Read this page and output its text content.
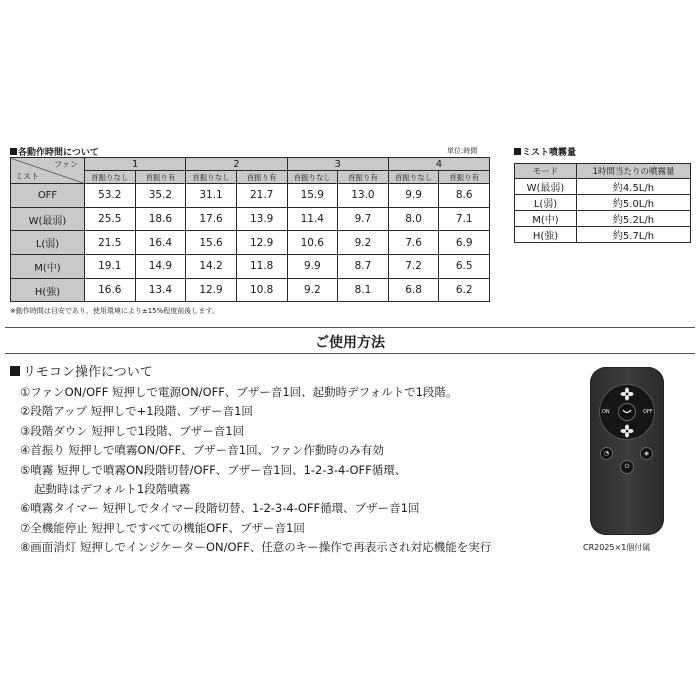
各動作時間について	単位:時間
ファン
ミスト	1		2		3		4	
	首振りなし	首振り有	首振りなし	首振り有	首振りなし	首振り有	首振りなし	首振り有
OFF	53.2	35.2	31.1	21.7	15.9	13.0	9.9	8.6
W(最弱)	25.5	18.6	17.6	13.9	11.4	9.7	8.0	7.1
L(弱)	21.5	16.4	15.6	12.9	10.6	9.2	7.6	6.9
M(中)	19.1	14.9	14.2	11.8	9.9	8.7	7.2	6.5
H(強)	16.6	13.4	12.9	10.8	9.2	8.1	6.8	6.2
※動作時間は目安であり、使用環境により±15%程度前後します。
ミスト噴霧量
モード	1時間当たりの噴霧量
W(最弱)	約4.5L/h
L(弱)	約5.0L/h
M(中)	約5.2L/h
H(強)	約5.7L/h
ご使用方法
リモコン操作について
①ファンON/OFF 短押しで電源ON/OFF、ブザー音1回、起動時デフォルトで1段階。
②段階アップ 短押しで+1段階、ブザー音1回
③段階ダウン 短押しで1段階、ブザー音1回
④首振り 短押しで噴霧ON/OFF、ブザー音1回、ファン作動時のみ有効
⑤噴霧 短押しで噴霧ON段階切替/OFF、ブザー音1回、1-2-3-4-OFF循環、
起動時はデフォルト1段階噴霧
⑥噴霧タイマー 短押しでタイマー段階切替、1-2-3-4-OFF循環、ブザー音1回
⑦全機能停止 短押しですべての機能OFF、ブザー音1回
⑧画面消灯 短押しでインジケーターON/OFF、任意のキー操作で再表示され対応機能を実行
ON	OFF
◔	◈
⏻
CR2025×1個付属
